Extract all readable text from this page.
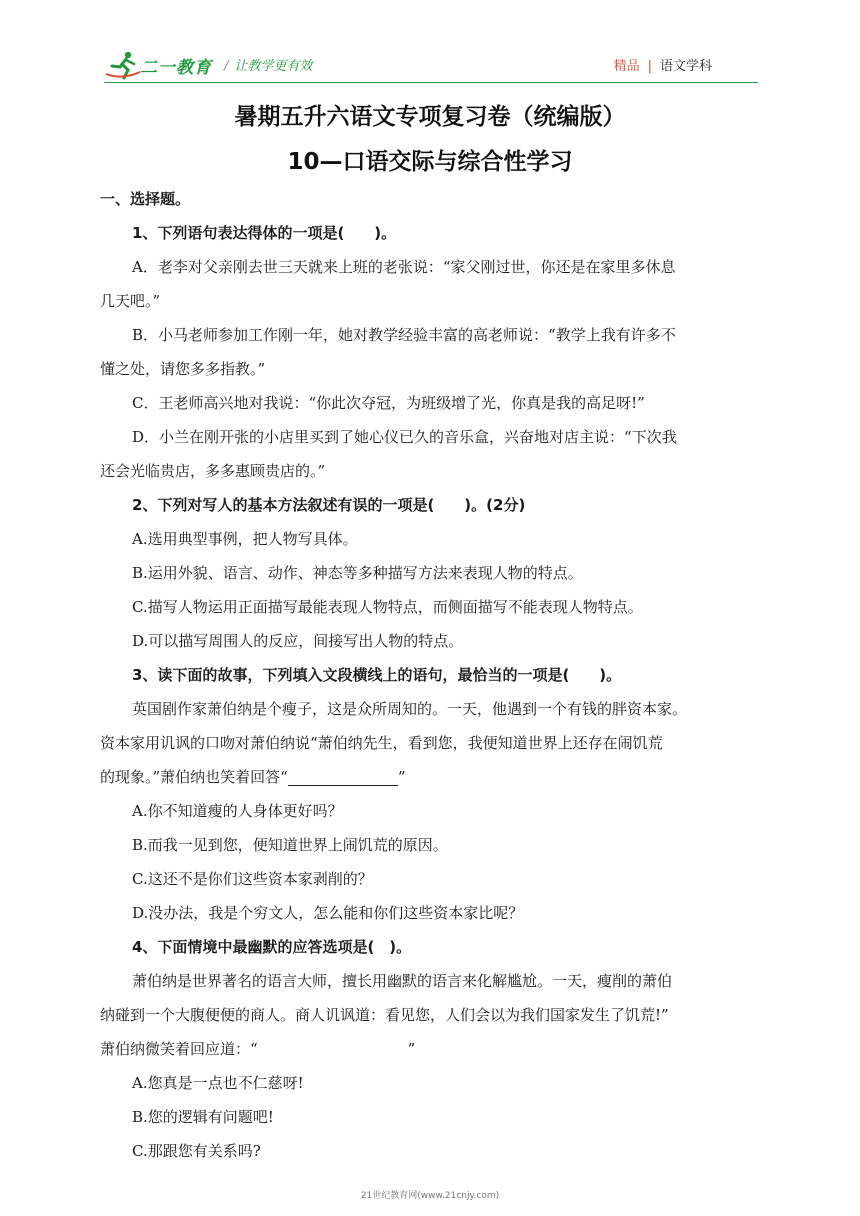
二一教育 / 让教学更有效	精品 | 语文学科
暑期五升六语文专项复习卷（统编版）
10—口语交际与综合性学习
一、选择题。
1、下列语句表达得体的一项是(　　)。
A．老李对父亲刚去世三天就来上班的老张说：“家父刚过世，你还是在家里多休息
几天吧。”
B．小马老师参加工作刚一年，她对教学经验丰富的高老师说：“教学上我有许多不
懂之处，请您多多指教。”
C．王老师高兴地对我说：“你此次夺冠，为班级增了光，你真是我的高足呀!”
D．小兰在刚开张的小店里买到了她心仪已久的音乐盒，兴奋地对店主说：“下次我
还会光临贵店，多多惠顾贵店的。”
2、下列对写人的基本方法叙述有误的一项是(　　)。(2分)
A.选用典型事例，把人物写具体。
B.运用外貌、语言、动作、神态等多种描写方法来表现人物的特点。
C.描写人物运用正面描写最能表现人物特点，而侧面描写不能表现人物特点。
D.可以描写周围人的反应，间接写出人物的特点。
3、读下面的故事，下列填入文段横线上的语句，最恰当的一项是(　　)。
英国剧作家萧伯纳是个瘦子，这是众所周知的。一天，他遇到一个有钱的胖资本家。
资本家用讥讽的口吻对萧伯纳说“萧伯纳先生，看到您，我便知道世界上还存在闹饥荒
的现象。”萧伯纳也笑着回答“	”
A.你不知道瘦的人身体更好吗？
B.而我一见到您，便知道世界上闹饥荒的原因。
C.这还不是你们这些资本家剥削的？
D.没办法，我是个穷文人，怎么能和你们这些资本家比呢？
4、下面情境中最幽默的应答选项是(　)。
萧伯纳是世界著名的语言大师，擅长用幽默的语言来化解尴尬。一天，瘦削的萧伯
纳碰到一个大腹便便的商人。商人讥讽道：看见您，人们会以为我们国家发生了饥荒!”
萧伯纳微笑着回应道：“	”
A.您真是一点也不仁慈呀!
B.您的逻辑有问题吧!
C.那跟您有关系吗?
21世纪教育网(www.21cnjy.com)
